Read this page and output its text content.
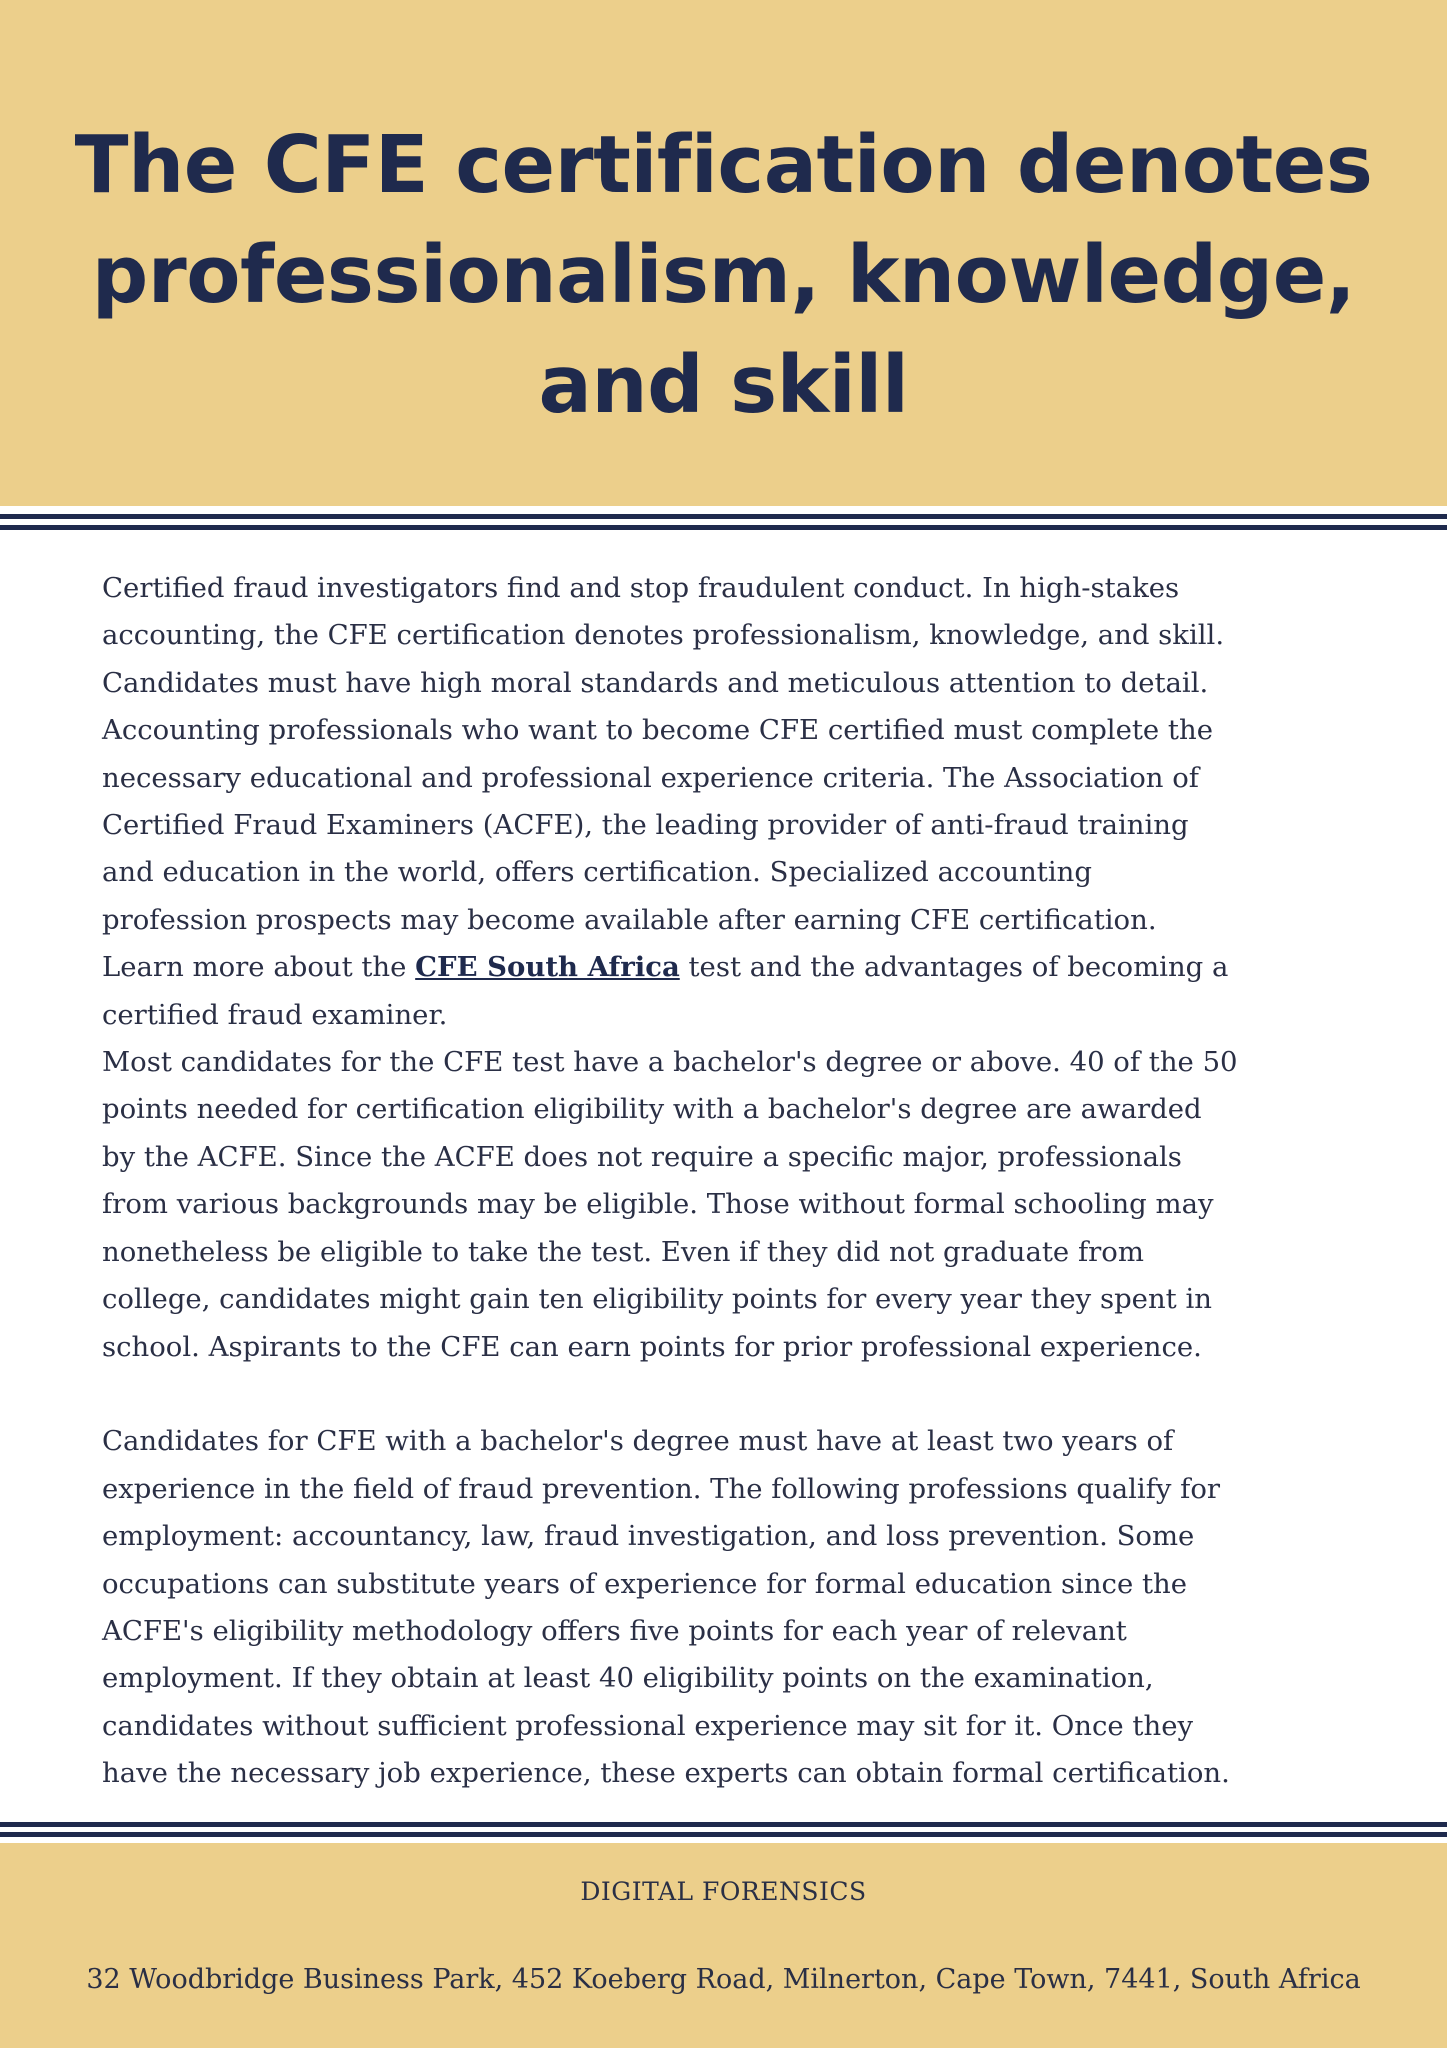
The CFE certification denotes
professionalism, knowledge,
and skill

Certified fraud investigators find and stop fraudulent conduct. In high-stakes

accounting, the CFE certification denotes professionalism, knowledge, and skill.

Candidates must have high moral standards and meticulous attention to detail.

Accounting professionals who want to become CFE certified must complete the

necessary educational and professional experience criteria. The Association of

Certified Fraud Examiners (ACFE), the leading provider of anti-fraud training

and education in the world, offers certification. Specialized accounting

profession prospects may become available after earning CFE certification.

Learn more about the CFE South Africa test and the advantages of becoming a

certified fraud examiner.

Most candidates for the CFE test have a bachelor's degree or above. 40 of the 50

points needed for certification eligibility with a bachelor's degree are awarded

by the ACFE. Since the ACFE does not require a specific major, professionals

from various backgrounds may be eligible. Those without formal schooling may

nonetheless be eligible to take the test. Even if they did not graduate from

college, candidates might gain ten eligibility points for every year they spent in

school. Aspirants to the CFE can earn points for prior professional experience.

Candidates for CFE with a bachelor's degree must have at least two years of

experience in the field of fraud prevention. The following professions qualify for

employment: accountancy, law, fraud investigation, and loss prevention. Some

occupations can substitute years of experience for formal education since the

ACFE's eligibility methodology offers five points for each year of relevant

employment. If they obtain at least 40 eligibility points on the examination,

candidates without sufficient professional experience may sit for it. Once they

have the necessary job experience, these experts can obtain formal certification.

DIGITAL FORENSICS
32 Woodbridge Business Park, 452 Koeberg Road, Milnerton, Cape Town, 7441, South Africa
